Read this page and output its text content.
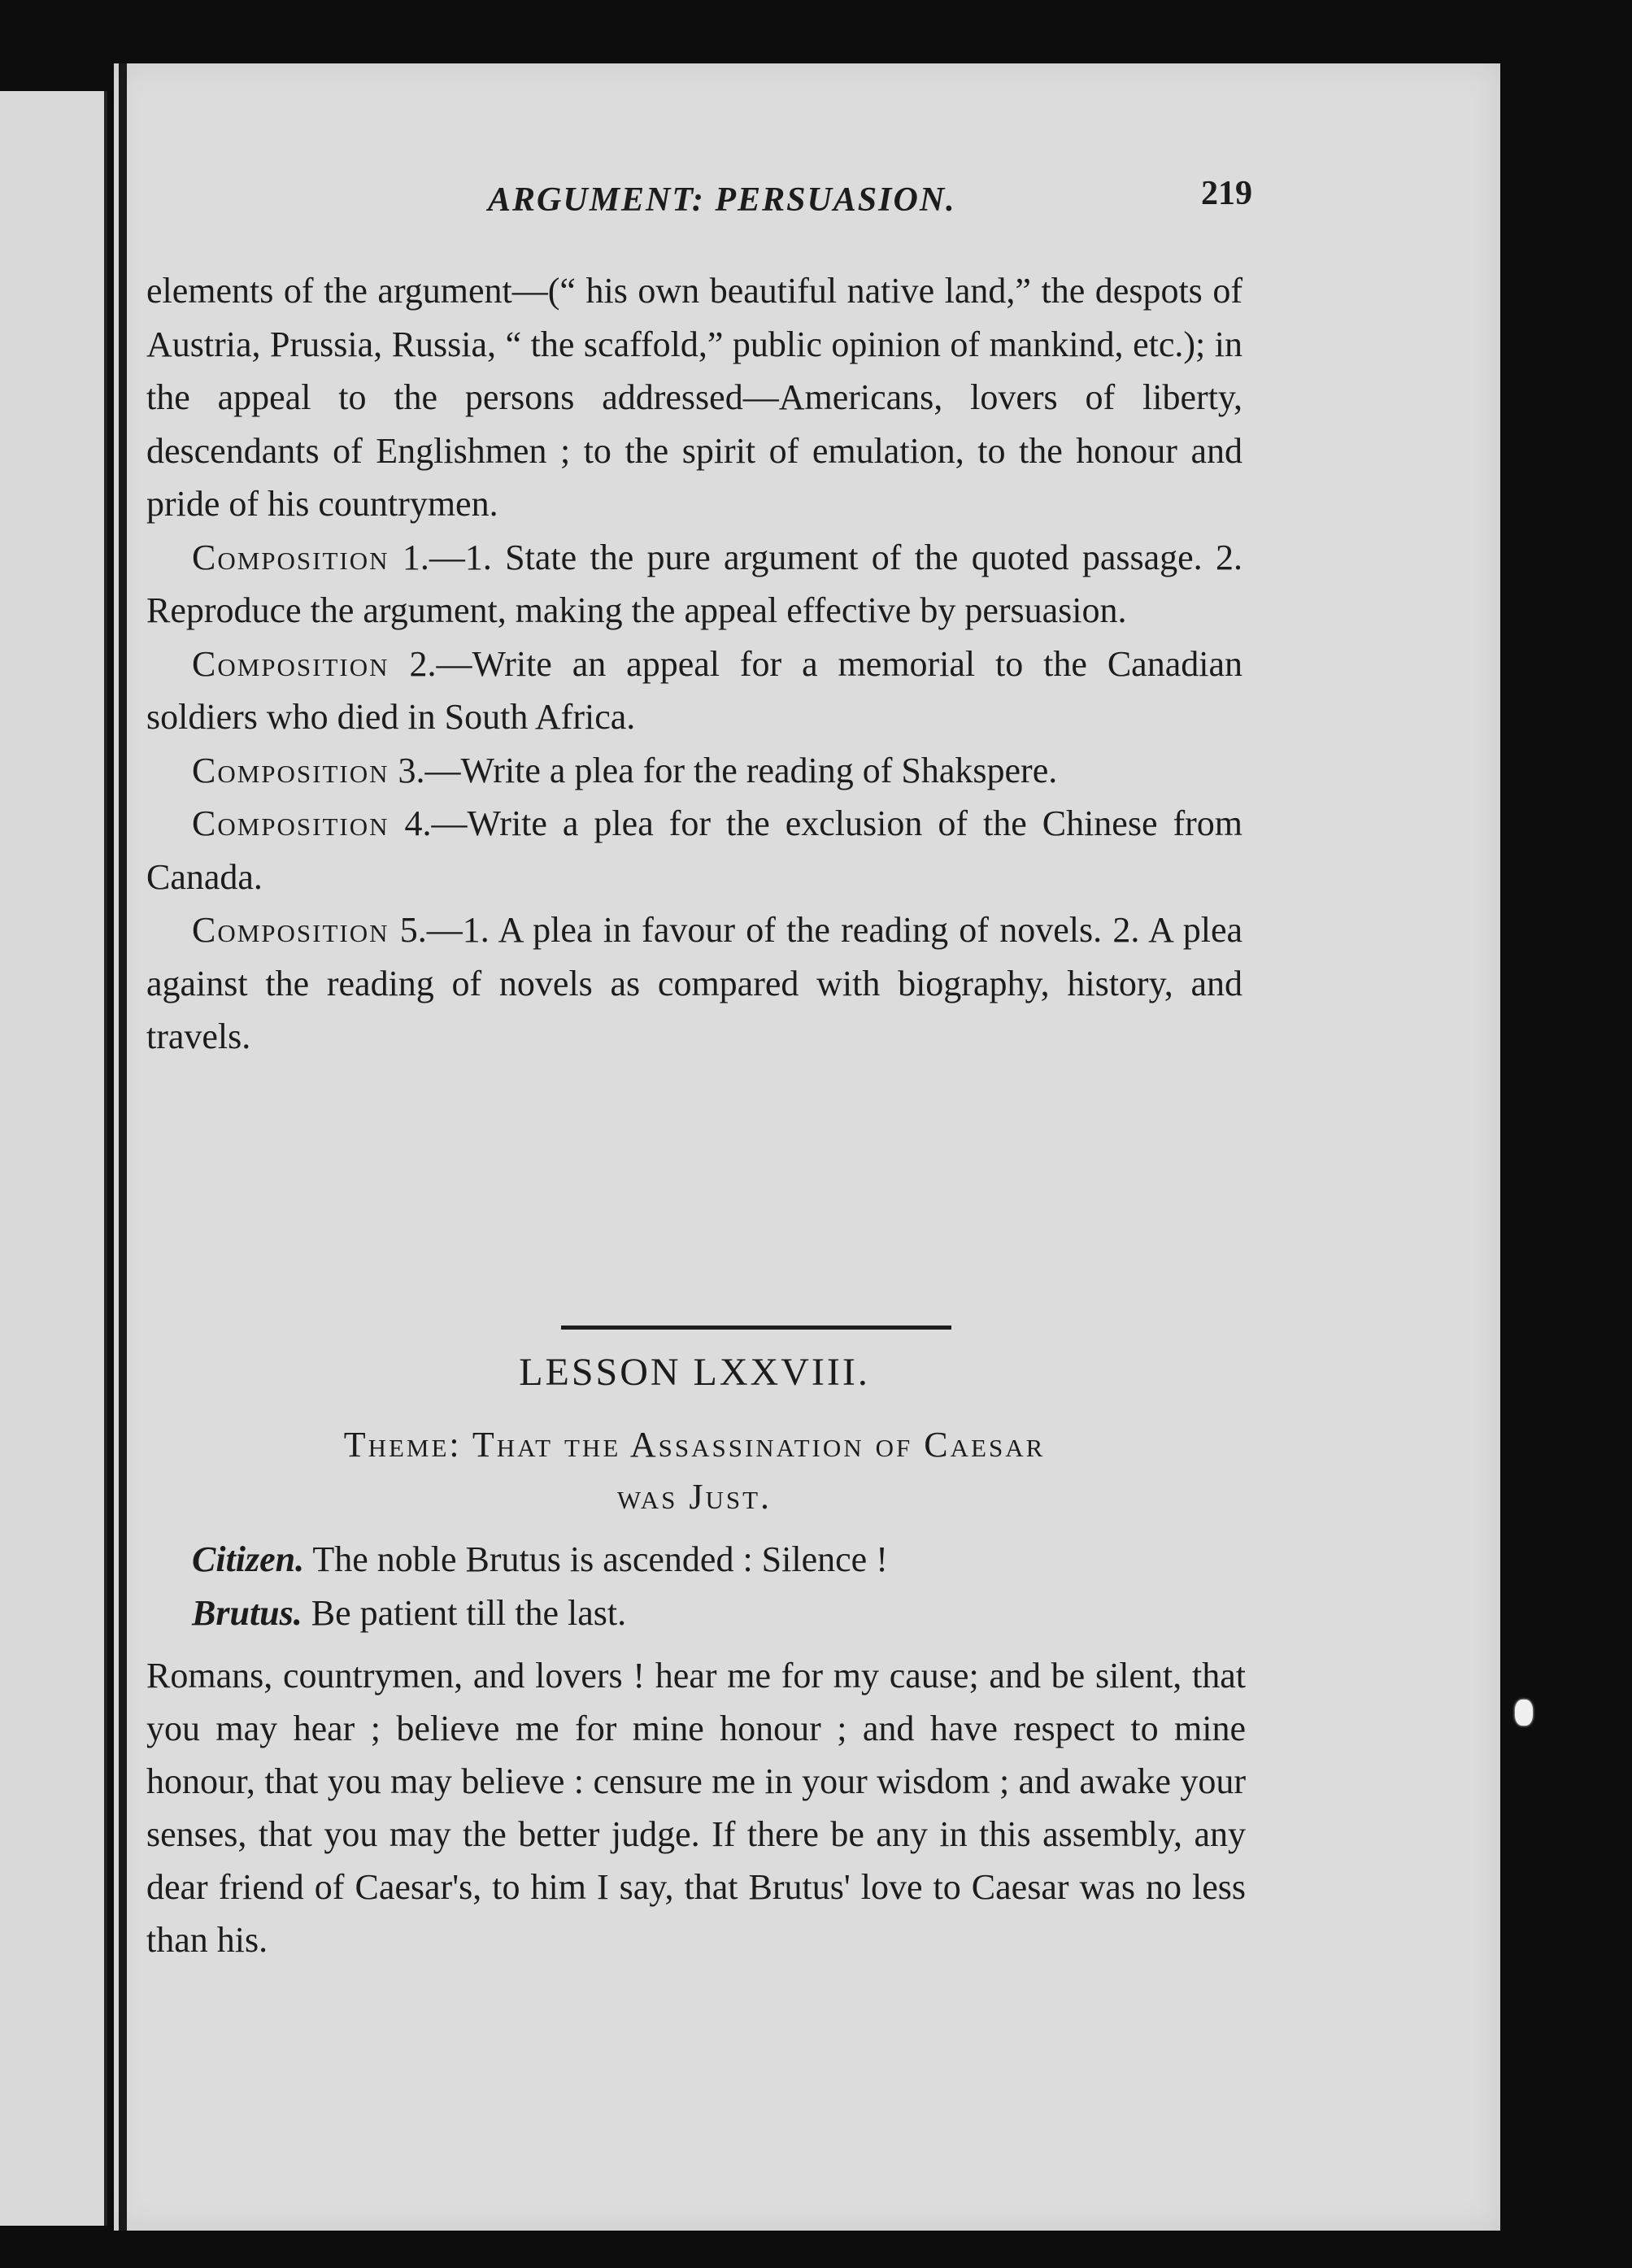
ARGUMENT: PERSUASION.	219

elements of the argument—(“ his own beautiful native land,” the despots of Austria, Prussia, Russia, “ the scaffold,” public opinion of mankind, etc.); in the appeal to the persons addressed—Americans, lovers of liberty, descendants of Englishmen ; to the spirit of emulation, to the honour and pride of his countrymen.

Composition 1.—1. State the pure argument of the quoted passage. 2. Reproduce the argument, making the appeal effective by persuasion.

Composition 2.—Write an appeal for a memorial to the Canadian soldiers who died in South Africa.

Composition 3.—Write a plea for the reading of Shakspere.

Composition 4.—Write a plea for the exclusion of the Chinese from Canada.

Composition 5.—1. A plea in favour of the reading of novels. 2. A plea against the reading of novels as compared with biography, history, and travels.

LESSON LXXVIII.
Theme: That the Assassination of Caesar
was Just.

Citizen. The noble Brutus is ascended : Silence !

Brutus. Be patient till the last.

Romans, countrymen, and lovers ! hear me for my cause; and be silent, that you may hear ; believe me for mine honour ; and have respect to mine honour, that you may believe : censure me in your wisdom ; and awake your senses, that you may the better judge. If there be any in this assembly, any dear friend of Caesar's, to him I say, that Brutus' love to Caesar was no less than his.
